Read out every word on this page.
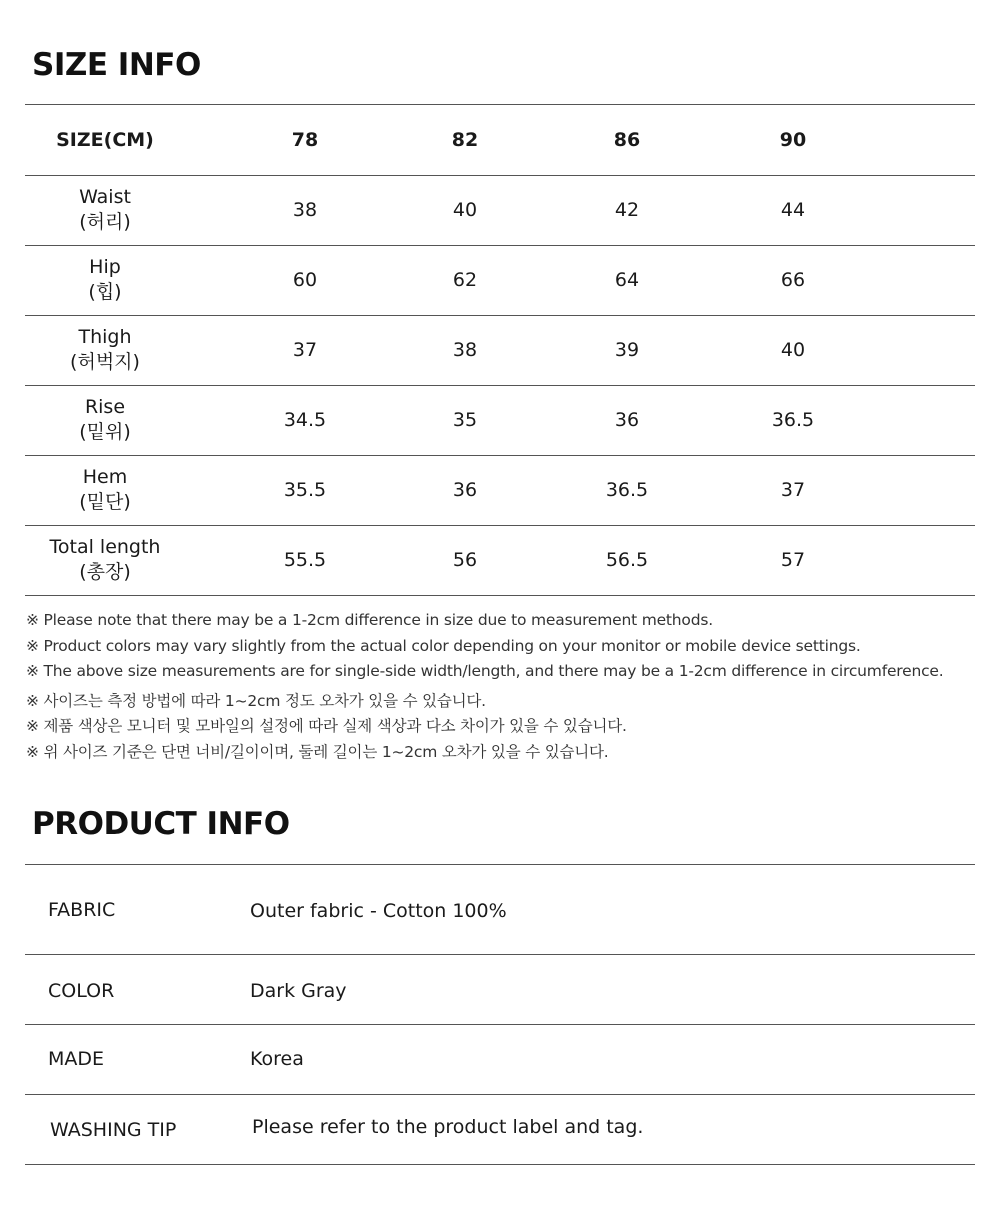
SIZE INFO
SIZE(CM)	78	82	86	90
Waist
(허리)
38	40	42	44
Hip
(힙)
60	62	64	66
Thigh
(허벅지)
37	38	39	40
Rise
(밑위)
34.5	35	36	36.5
Hem
(밑단)
35.5	36	36.5	37
Total length
(총장)
55.5	56	56.5	57
※ Please note that there may be a 1-2cm difference in size due to measurement methods.
※ Product colors may vary slightly from the actual color depending on your monitor or mobile device settings.
※ The above size measurements are for single-side width/length, and there may be a 1-2cm difference in circumference.
※ 사이즈는 측정 방법에 따라 1~2cm 정도 오차가 있을 수 있습니다.
※ 제품 색상은 모니터 및 모바일의 설정에 따라 실제 색상과 다소 차이가 있을 수 있습니다.
※ 위 사이즈 기준은 단면 너비/길이이며, 둘레 길이는 1~2cm 오차가 있을 수 있습니다.
PRODUCT INFO
FABRIC	Outer fabric - Cotton 100%
COLOR	Dark Gray
MADE	Korea
WASHING TIP	Please refer to the product label and tag.
